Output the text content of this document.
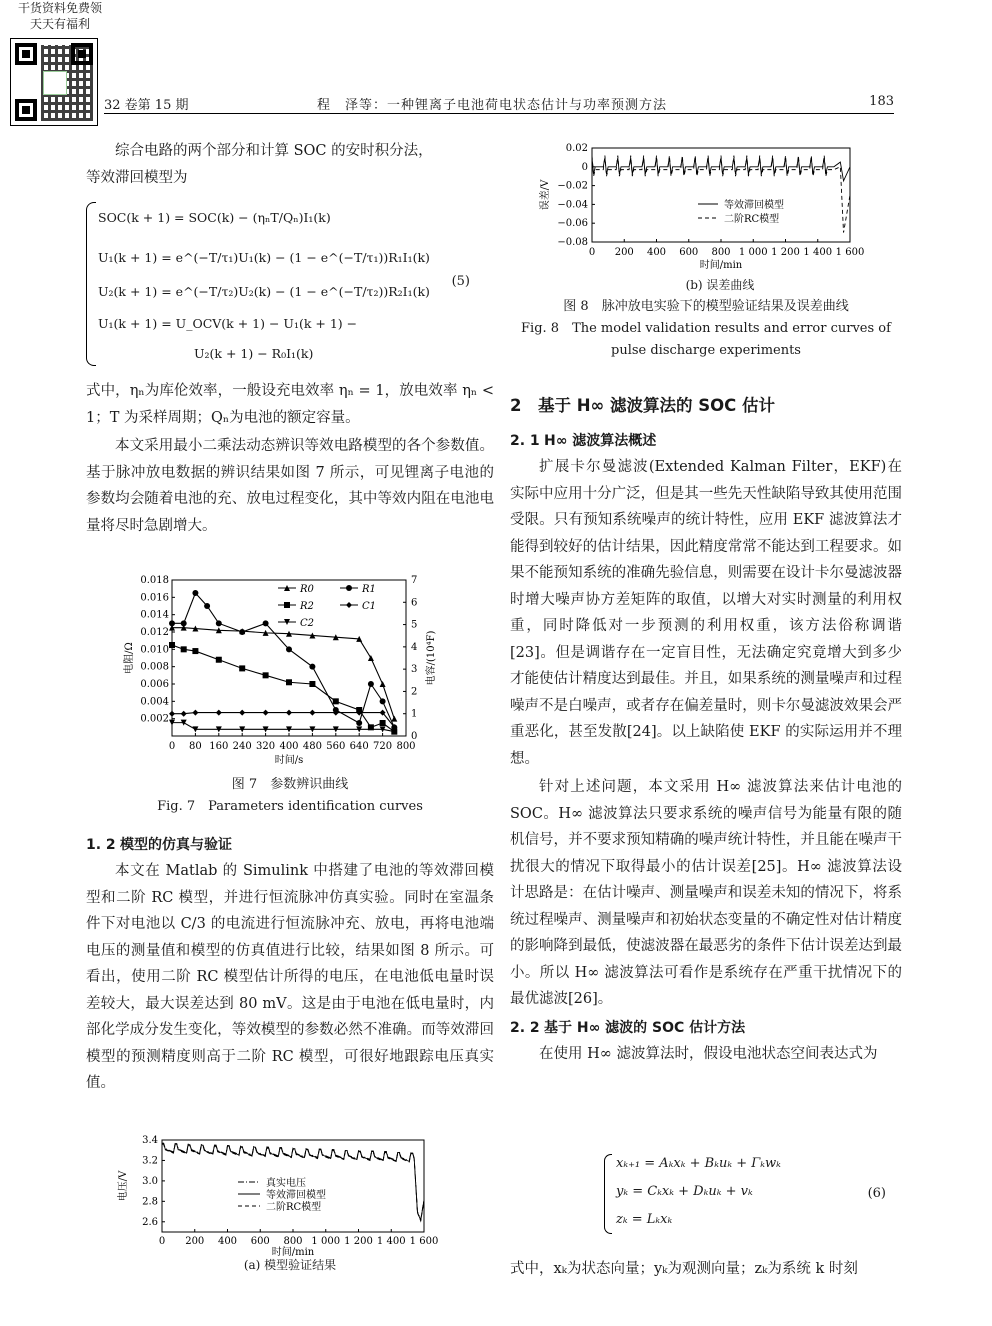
干货资料免费领
天天有福利
32 卷第 15 期	程　泽等：一种锂离子电池荷电状态估计与功率预测方法	183
综合电路的两个部分和计算 SOC 的安时积分法，
等效滞回模型为
SOC(k + 1) = SOC(k) − (ηₙT/Qₙ)I₁(k)
U₁(k + 1) = e^(−T/τ₁)U₁(k) − (1 − e^(−T/τ₁))R₁I₁(k)
U₂(k + 1) = e^(−T/τ₂)U₂(k) − (1 − e^(−T/τ₂))R₂I₁(k)
U₁(k + 1) = U_OCV(k + 1) − U₁(k + 1) −
U₂(k + 1) − R₀I₁(k)
(5)
式中，ηₙ为库伦效率，一般设充电效率 ηₙ = 1，放电效率 ηₙ < 1；T 为采样周期；Qₙ为电池的额定容量。
本文采用最小二乘法动态辨识等效电路模型的各个参数值。基于脉冲放电数据的辨识结果如图 7 所示，可见锂离子电池的参数均会随着电池的充、放电过程变化，其中等效内阻在电池电量将尽时急剧增大。
0 80 160 240 320 400 480 560 640 720 800
0.002
0.004
0.006
0.008
0.010
0.012
0.014
0.016
0.018
0
1
2
3
4
5
6
7
时间/s
电阻/Ω	电容/(10⁴F)
R0	R1
R2	C1
C2
图 7　参数辨识曲线
Fig. 7　Parameters identification curves
1. 2 模型的仿真与验证
本文在 Matlab 的 Simulink 中搭建了电池的等效滞回模型和二阶 RC 模型，并进行恒流脉冲仿真实验。同时在室温条件下对电池以 C/3 的电流进行恒流脉冲充、放电，再将电池端电压的测量值和模型的仿真值进行比较，结果如图 8 所示。可看出，使用二阶 RC 模型估计所得的电压，在电池低电量时误差较大，最大误差达到 80 mV。这是由于电池在低电量时，内部化学成分发生变化，等效模型的参数必然不准确。而等效滞回模型的预测精度则高于二阶 RC 模型，可很好地跟踪电压真实值。
0 200 400 600 800 1 000 1 200 1 400 1 600
2.6
2.8
3.0
3.2
3.4
时间/min
电压/V	真实电压
等效滞回模型
二阶RC模型
(a) 模型验证结果
0 200 400 600 800 1 000 1 200 1 400 1 600
0.02
0
−0.02
−0.04
−0.06
−0.08
时间/min
误差/V	等效滞回模型
二阶RC模型
(b) 误差曲线
图 8　脉冲放电实验下的模型验证结果及误差曲线
Fig. 8　The model validation results and error curves of
pulse discharge experiments
2　基于 H∞ 滤波算法的 SOC 估计
2. 1 H∞ 滤波算法概述
扩展卡尔曼滤波(Extended Kalman Filter，EKF)在实际中应用十分广泛，但是其一些先天性缺陷导致其使用范围受限。只有预知系统噪声的统计特性，应用 EKF 滤波算法才能得到较好的估计结果，因此精度常常不能达到工程要求。如果不能预知系统的准确先验信息，则需要在设计卡尔曼滤波器时增大噪声协方差矩阵的取值，以增大对实时测量的利用权重，同时降低对一步预测的利用权重，该方法俗称调谐[23]。但是调谐存在一定盲目性，无法确定究竟增大到多少才能使估计精度达到最佳。并且，如果系统的测量噪声和过程噪声不是白噪声，或者存在偏差量时，则卡尔曼滤波效果会严重恶化，甚至发散[24]。以上缺陷使 EKF 的实际运用并不理想。
针对上述问题，本文采用 H∞ 滤波算法来估计电池的 SOC。H∞ 滤波算法只要求系统的噪声信号为能量有限的随机信号，并不要求预知精确的噪声统计特性，并且能在噪声干扰很大的情况下取得最小的估计误差[25]。H∞ 滤波算法设计思路是：在估计噪声、测量噪声和误差未知的情况下，将系统过程噪声、测量噪声和初始状态变量的不确定性对估计精度的影响降到最低，使滤波器在最恶劣的条件下估计误差达到最小。所以 H∞ 滤波算法可看作是系统存在严重干扰情况下的最优滤波[26]。
2. 2 基于 H∞ 滤波的 SOC 估计方法
在使用 H∞ 滤波算法时，假设电池状态空间表达式为
xₖ₊₁ = Aₖxₖ + Bₖuₖ + Γₖwₖ
yₖ = Cₖxₖ + Dₖuₖ + vₖ
zₖ = Lₖxₖ
(6)
式中，xₖ为状态向量；yₖ为观测向量；zₖ为系统 k 时刻
